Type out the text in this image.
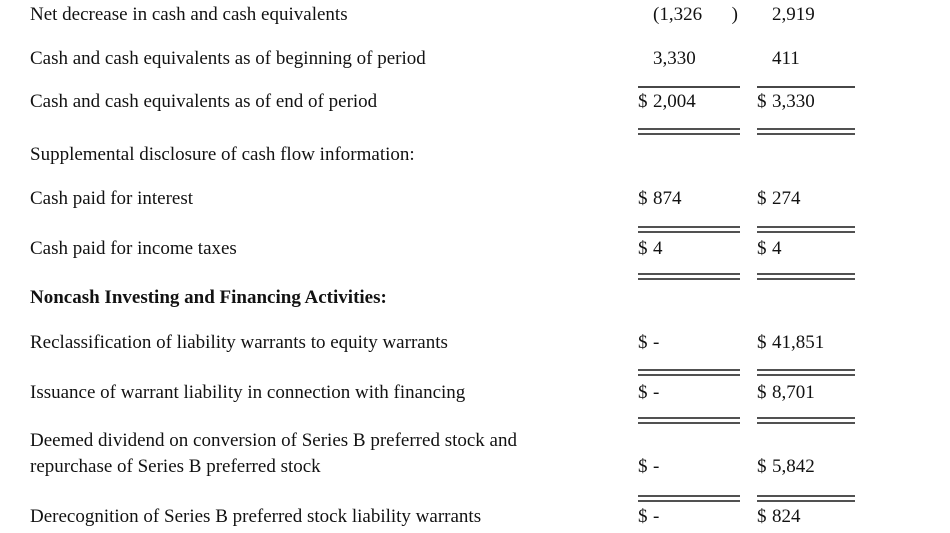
Net decrease in cash and cash equivalents	(1,326 ) 2,919
Cash and cash equivalents as of beginning of period	3,330	411
Cash and cash equivalents as of end of period	$ 2,004	$ 3,330
Supplemental disclosure of cash flow information:
Cash paid for interest	$ 874	$ 274
Cash paid for income taxes	$ 4	$ 4
Noncash Investing and Financing Activities:
Reclassification of liability warrants to equity warrants	$ -	$ 41,851
Issuance of warrant liability in connection with financing	$ -	$ 8,701
Deemed dividend on conversion of Series B preferred stock and
repurchase of Series B preferred stock	$ -	$ 5,842
Derecognition of Series B preferred stock liability warrants	$ -	$ 824
